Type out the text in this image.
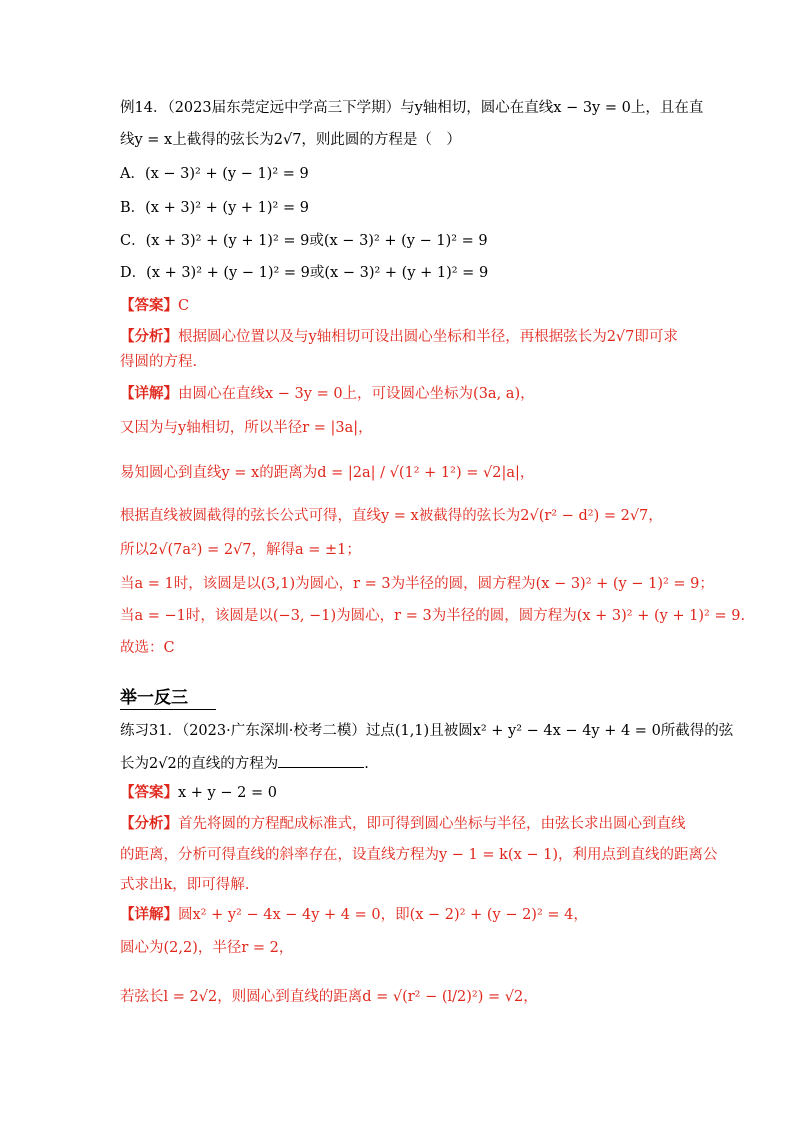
例14．（2023届东莞定远中学高三下学期）与y轴相切，圆心在直线x − 3y = 0上，且在直
线y = x上截得的弦长为2√7，则此圆的方程是（　）
A．(x − 3)² + (y − 1)² = 9
B．(x + 3)² + (y + 1)² = 9
C．(x + 3)² + (y + 1)² = 9或(x − 3)² + (y − 1)² = 9
D．(x + 3)² + (y − 1)² = 9或(x − 3)² + (y + 1)² = 9
【答案】C
【分析】根据圆心位置以及与y轴相切可设出圆心坐标和半径，再根据弦长为2√7即可求
得圆的方程.
【详解】由圆心在直线x − 3y = 0上，可设圆心坐标为(3a, a)，
又因为与y轴相切，所以半径r = |3a|，
易知圆心到直线y = x的距离为d = |2a| / √(1² + 1²) = √2|a|，
根据直线被圆截得的弦长公式可得，直线y = x被截得的弦长为2√(r² − d²) = 2√7，
所以2√(7a²) = 2√7，解得a = ±1；
当a = 1时，该圆是以(3,1)为圆心，r = 3为半径的圆，圆方程为(x − 3)² + (y − 1)² = 9；
当a = −1时，该圆是以(−3, −1)为圆心，r = 3为半径的圆，圆方程为(x + 3)² + (y + 1)² = 9.
故选：C
举一反三
练习31．（2023·广东深圳·校考二模）过点(1,1)且被圆x² + y² − 4x − 4y + 4 = 0所截得的弦
长为2√2的直线的方程为	.
【答案】x + y − 2 = 0
【分析】首先将圆的方程配成标准式，即可得到圆心坐标与半径，由弦长求出圆心到直线
的距离，分析可得直线的斜率存在，设直线方程为y − 1 = k(x − 1)，利用点到直线的距离公
式求出k，即可得解.
【详解】圆x² + y² − 4x − 4y + 4 = 0，即(x − 2)² + (y − 2)² = 4，
圆心为(2,2)，半径r = 2，
若弦长l = 2√2，则圆心到直线的距离d = √(r² − (l/2)²) = √2，
